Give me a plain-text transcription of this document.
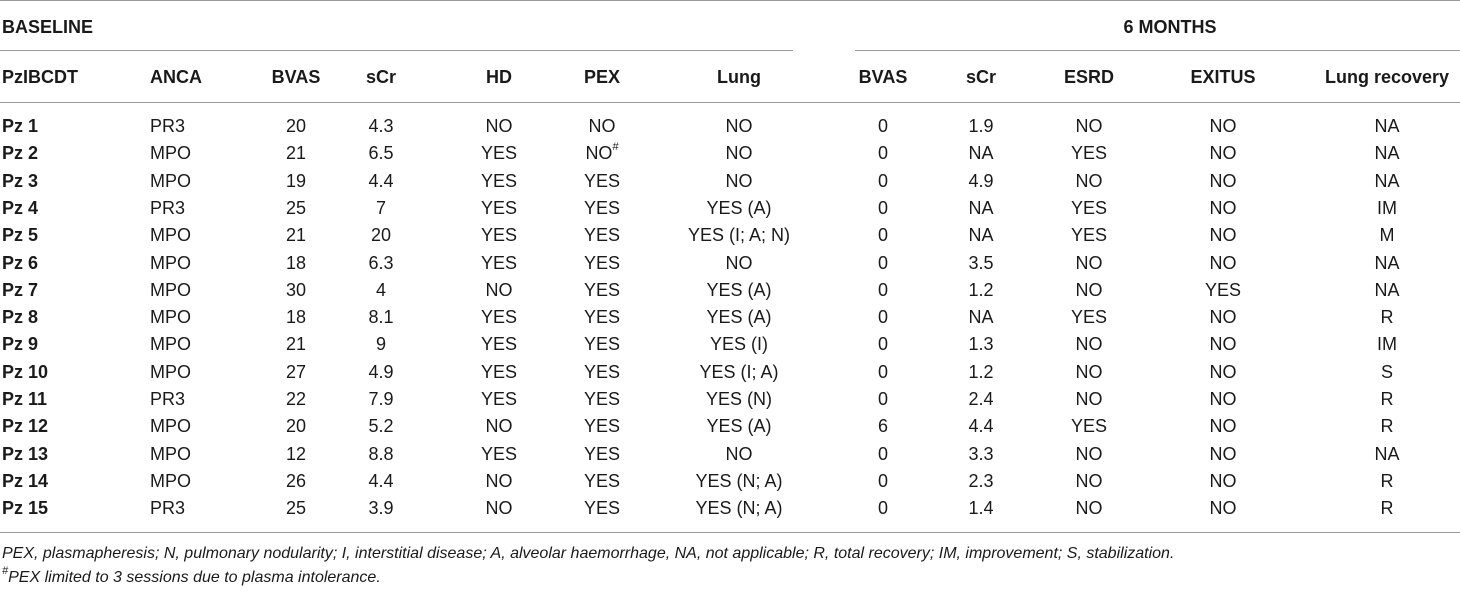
BASELINE	6 MONTHS
PzIBCDT	ANCA	BVAS	sCr	HD	PEX	Lung	BVAS	sCr	ESRD	EXITUS	Lung recovery
Pz 1	PR3	20	4.3	NO	NO	NO	0	1.9	NO	NO	NA
Pz 2	MPO	21	6.5	YES	NO#	NO	0	NA	YES	NO	NA
Pz 3	MPO	19	4.4	YES	YES	NO	0	4.9	NO	NO	NA
Pz 4	PR3	25	7	YES	YES	YES (A)	0	NA	YES	NO	IM
Pz 5	MPO	21	20	YES	YES	YES (I; A; N)	0	NA	YES	NO	M
Pz 6	MPO	18	6.3	YES	YES	NO	0	3.5	NO	NO	NA
Pz 7	MPO	30	4	NO	YES	YES (A)	0	1.2	NO	YES	NA
Pz 8	MPO	18	8.1	YES	YES	YES (A)	0	NA	YES	NO	R
Pz 9	MPO	21	9	YES	YES	YES (I)	0	1.3	NO	NO	IM
Pz 10	MPO	27	4.9	YES	YES	YES (I; A)	0	1.2	NO	NO	S
Pz 11	PR3	22	7.9	YES	YES	YES (N)	0	2.4	NO	NO	R
Pz 12	MPO	20	5.2	NO	YES	YES (A)	6	4.4	YES	NO	R
Pz 13	MPO	12	8.8	YES	YES	NO	0	3.3	NO	NO	NA
Pz 14	MPO	26	4.4	NO	YES	YES (N; A)	0	2.3	NO	NO	R
Pz 15	PR3	25	3.9	NO	YES	YES (N; A)	0	1.4	NO	NO	R
PEX, plasmapheresis; N, pulmonary nodularity; I, interstitial disease; A, alveolar haemorrhage, NA, not applicable; R, total recovery; IM, improvement; S, stabilization.
#PEX limited to 3 sessions due to plasma intolerance.
